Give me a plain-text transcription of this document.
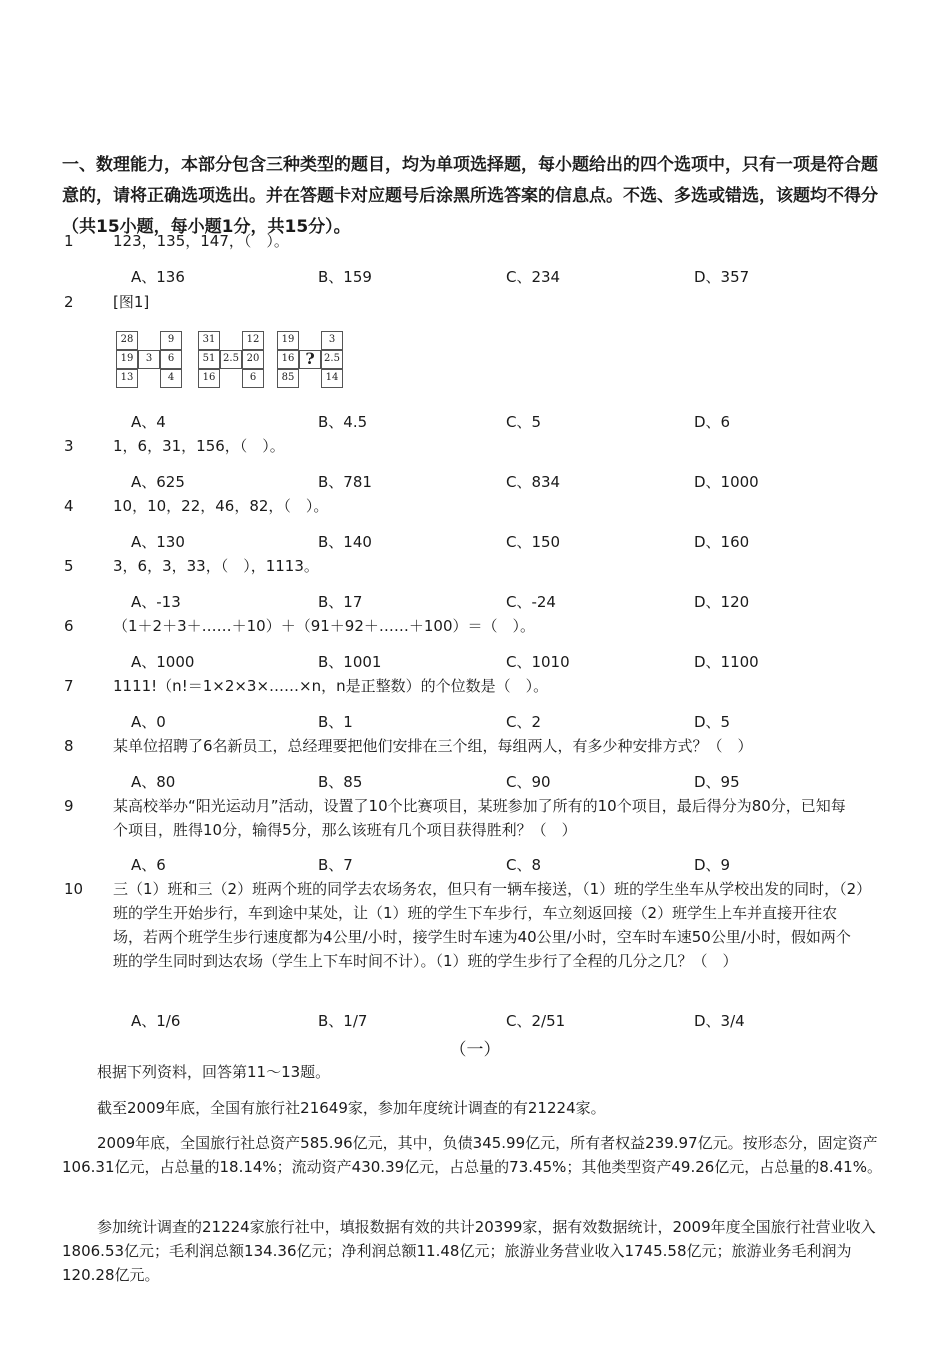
一、数理能力，本部分包含三种类型的题目，均为单项选择题，每小题给出的四个选项中，只有一项是符合题意的，请将正确选项选出。并在答题卡对应题号后涂黑所选答案的信息点。不选、多选或错选，该题均不得分（共15小题，每小题1分，共15分）。
1	123，135，147，（　）。
A、136	B、159	C、234	D、357
2	[图1]
28	9
19	3	6
13	4
31	12
51 2.5 20
16	6
19	3
16 ? 2.5
85	14
A、4	B、4.5	C、5	D、6
3	1，6，31，156，（　）。
A、625	B、781	C、834	D、1000
4	10，10，22，46，82，（　）。
A、130	B、140	C、150	D、160
5	3，6，3，33，（　），1113。
A、-13	B、17	C、-24	D、120
6	（1＋2＋3＋……＋10）＋（91＋92＋……＋100）＝（　）。
A、1000	B、1001	C、1010	D、1100
7	1111!（n!＝1×2×3×……×n，n是正整数）的个位数是（　）。
A、0	B、1	C、2	D、5
8	某单位招聘了6名新员工，总经理要把他们安排在三个组，每组两人，有多少种安排方式？（　）
A、80	B、85	C、90	D、95
9	某高校举办“阳光运动月”活动，设置了10个比赛项目，某班参加了所有的10个项目，最后得分为80分，已知每个项目，胜得10分，输得5分，那么该班有几个项目获得胜利？（　）
A、6	B、7	C、8	D、9
10 三（1）班和三（2）班两个班的同学去农场务农，但只有一辆车接送，（1）班的学生坐车从学校出发的同时，（2）班的学生开始步行，车到途中某处，让（1）班的学生下车步行，车立刻返回接（2）班学生上车并直接开往农场，若两个班学生步行速度都为4公里/小时，接学生时车速为40公里/小时，空车时车速50公里/小时，假如两个班的学生同时到达农场（学生上下车时间不计）。（1）班的学生步行了全程的几分之几？（　）
A、1/6	B、1/7	C、2/51	D、3/4
（一）
根据下列资料，回答第11～13题。
截至2009年底，全国有旅行社21649家，参加年度统计调查的有21224家。
2009年底，全国旅行社总资产585.96亿元，其中，负债345.99亿元，所有者权益239.97亿元。按形态分，固定资产106.31亿元，占总量的18.14%；流动资产430.39亿元，占总量的73.45%；其他类型资产49.26亿元，占总量的8.41%。
参加统计调查的21224家旅行社中，填报数据有效的共计20399家，据有效数据统计，2009年度全国旅行社营业收入1806.53亿元；毛利润总额134.36亿元；净利润总额11.48亿元；旅游业务营业收入1745.58亿元；旅游业务毛利润为120.28亿元。
